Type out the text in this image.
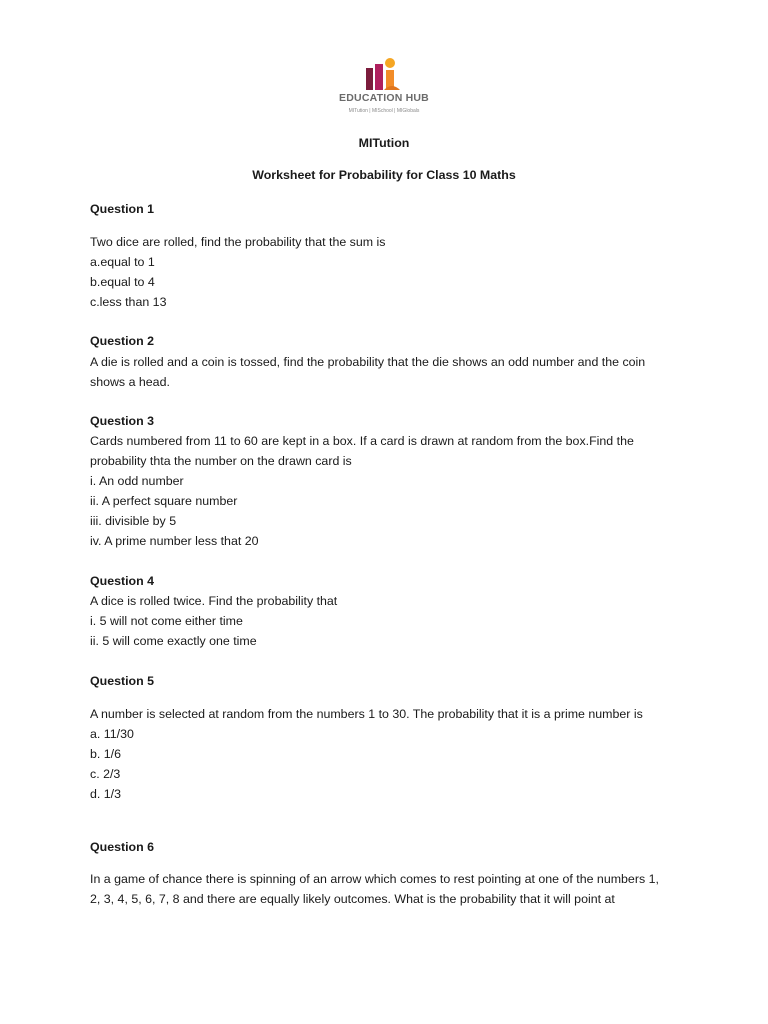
EDUCATION HUB
MITution | MISchool | MIGlobals
MITution
Worksheet for Probability for Class 10 Maths
Question 1
Two dice are rolled, find the probability that the sum is
a.equal to 1
b.equal to 4
c.less than 13
Question 2
A die is rolled and a coin is tossed, find the probability that the die shows an odd number and the coin
shows a head.
Question 3
Cards numbered from 11 to 60 are kept in a box. If a card is drawn at random from the box.Find the
probability thta the number on the drawn card is
i. An odd number
ii. A perfect square number
iii. divisible by 5
iv. A prime number less that 20
Question 4
A dice is rolled twice. Find the probability that
i. 5 will not come either time
ii. 5 will come exactly one time
Question 5
A number is selected at random from the numbers 1 to 30. The probability that it is a prime number is
a. 11/30
b. 1/6
c. 2/3
d. 1/3
Question 6
In a game of chance there is spinning of an arrow which comes to rest pointing at one of the numbers 1,
2, 3, 4, 5, 6, 7, 8 and there are equally likely outcomes. What is the probability that it will point at
